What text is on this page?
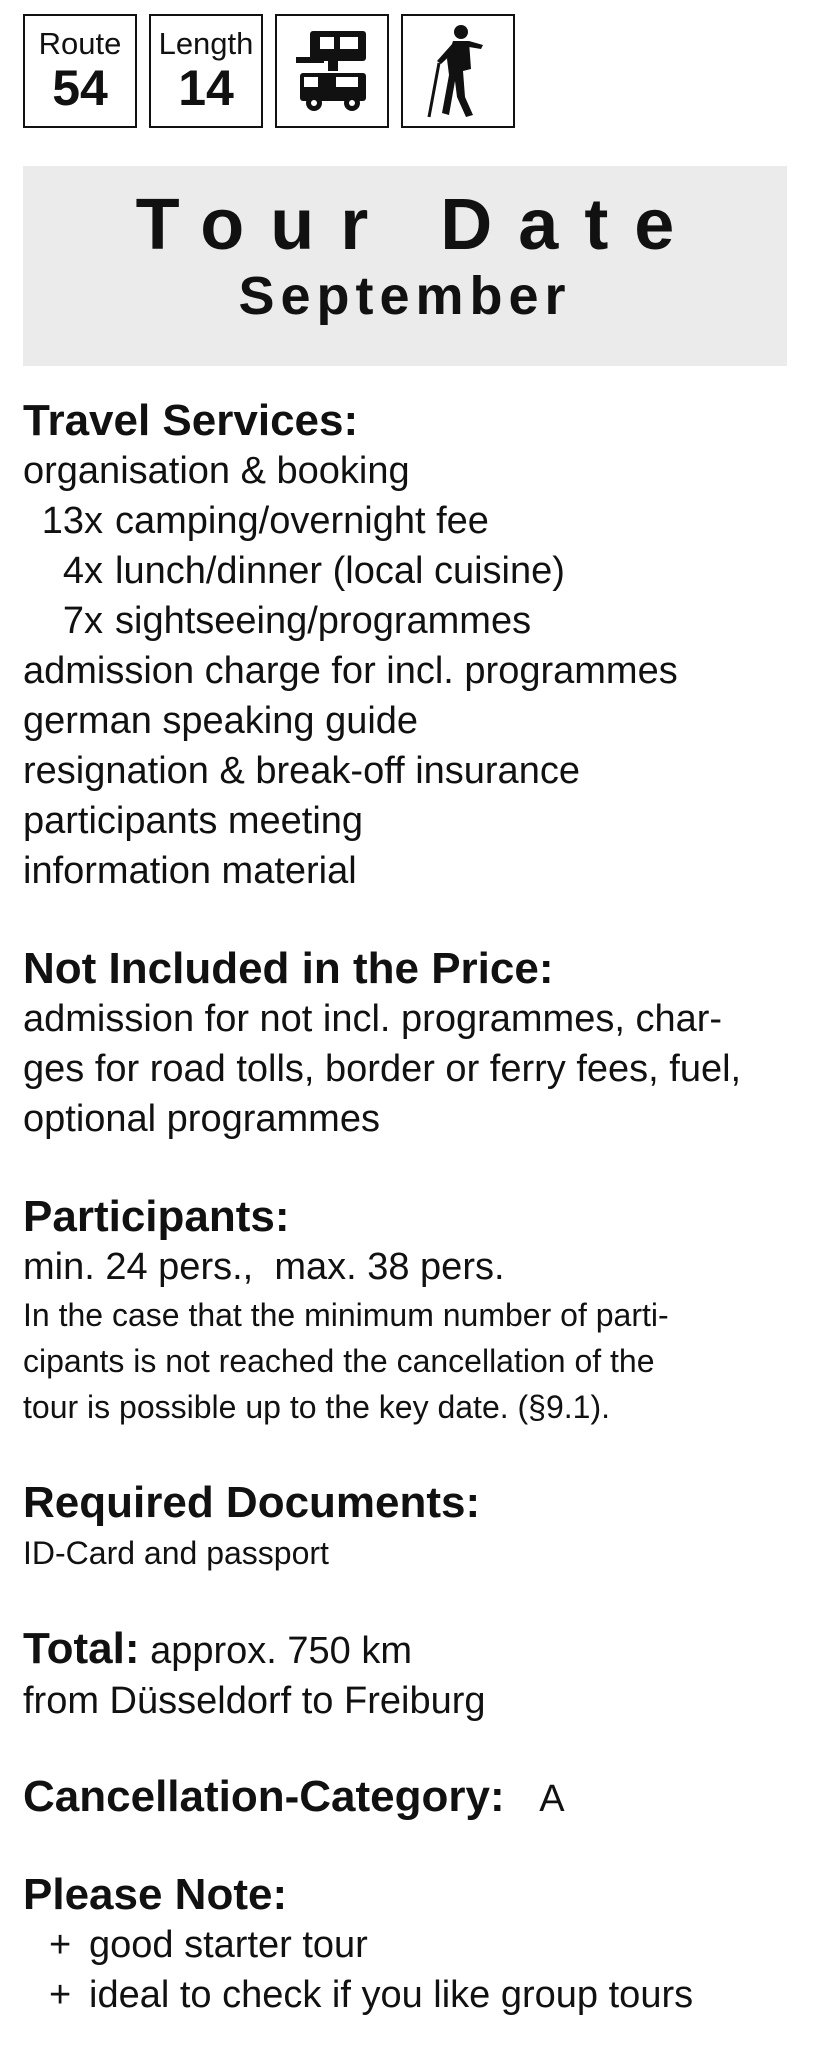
Route
54
Length
14
Tour Date
September

Travel Services:

organisation & booking

13x camping/overnight fee
4x lunch/dinner (local cuisine)
7x sightseeing/programmes

admission charge for incl. programmes

german speaking guide

resignation & break-off insurance

participants meeting

information material

Not Included in the Price:

admission for not incl. programmes, char-

ges for road tolls, border or ferry fees, fuel,

optional programmes

Participants:

min. 24 pers.,  max. 38 pers.

In the case that the minimum number of parti-

cipants is not reached the cancellation of the

tour is possible up to the key date. (§9.1).

Required Documents:

ID-Card and passport

Total: approx. 750 km

from Düsseldorf to Freiburg

Cancellation-Category: A

Please Note:

+ good starter tour
+ ideal to check if you like group tours
